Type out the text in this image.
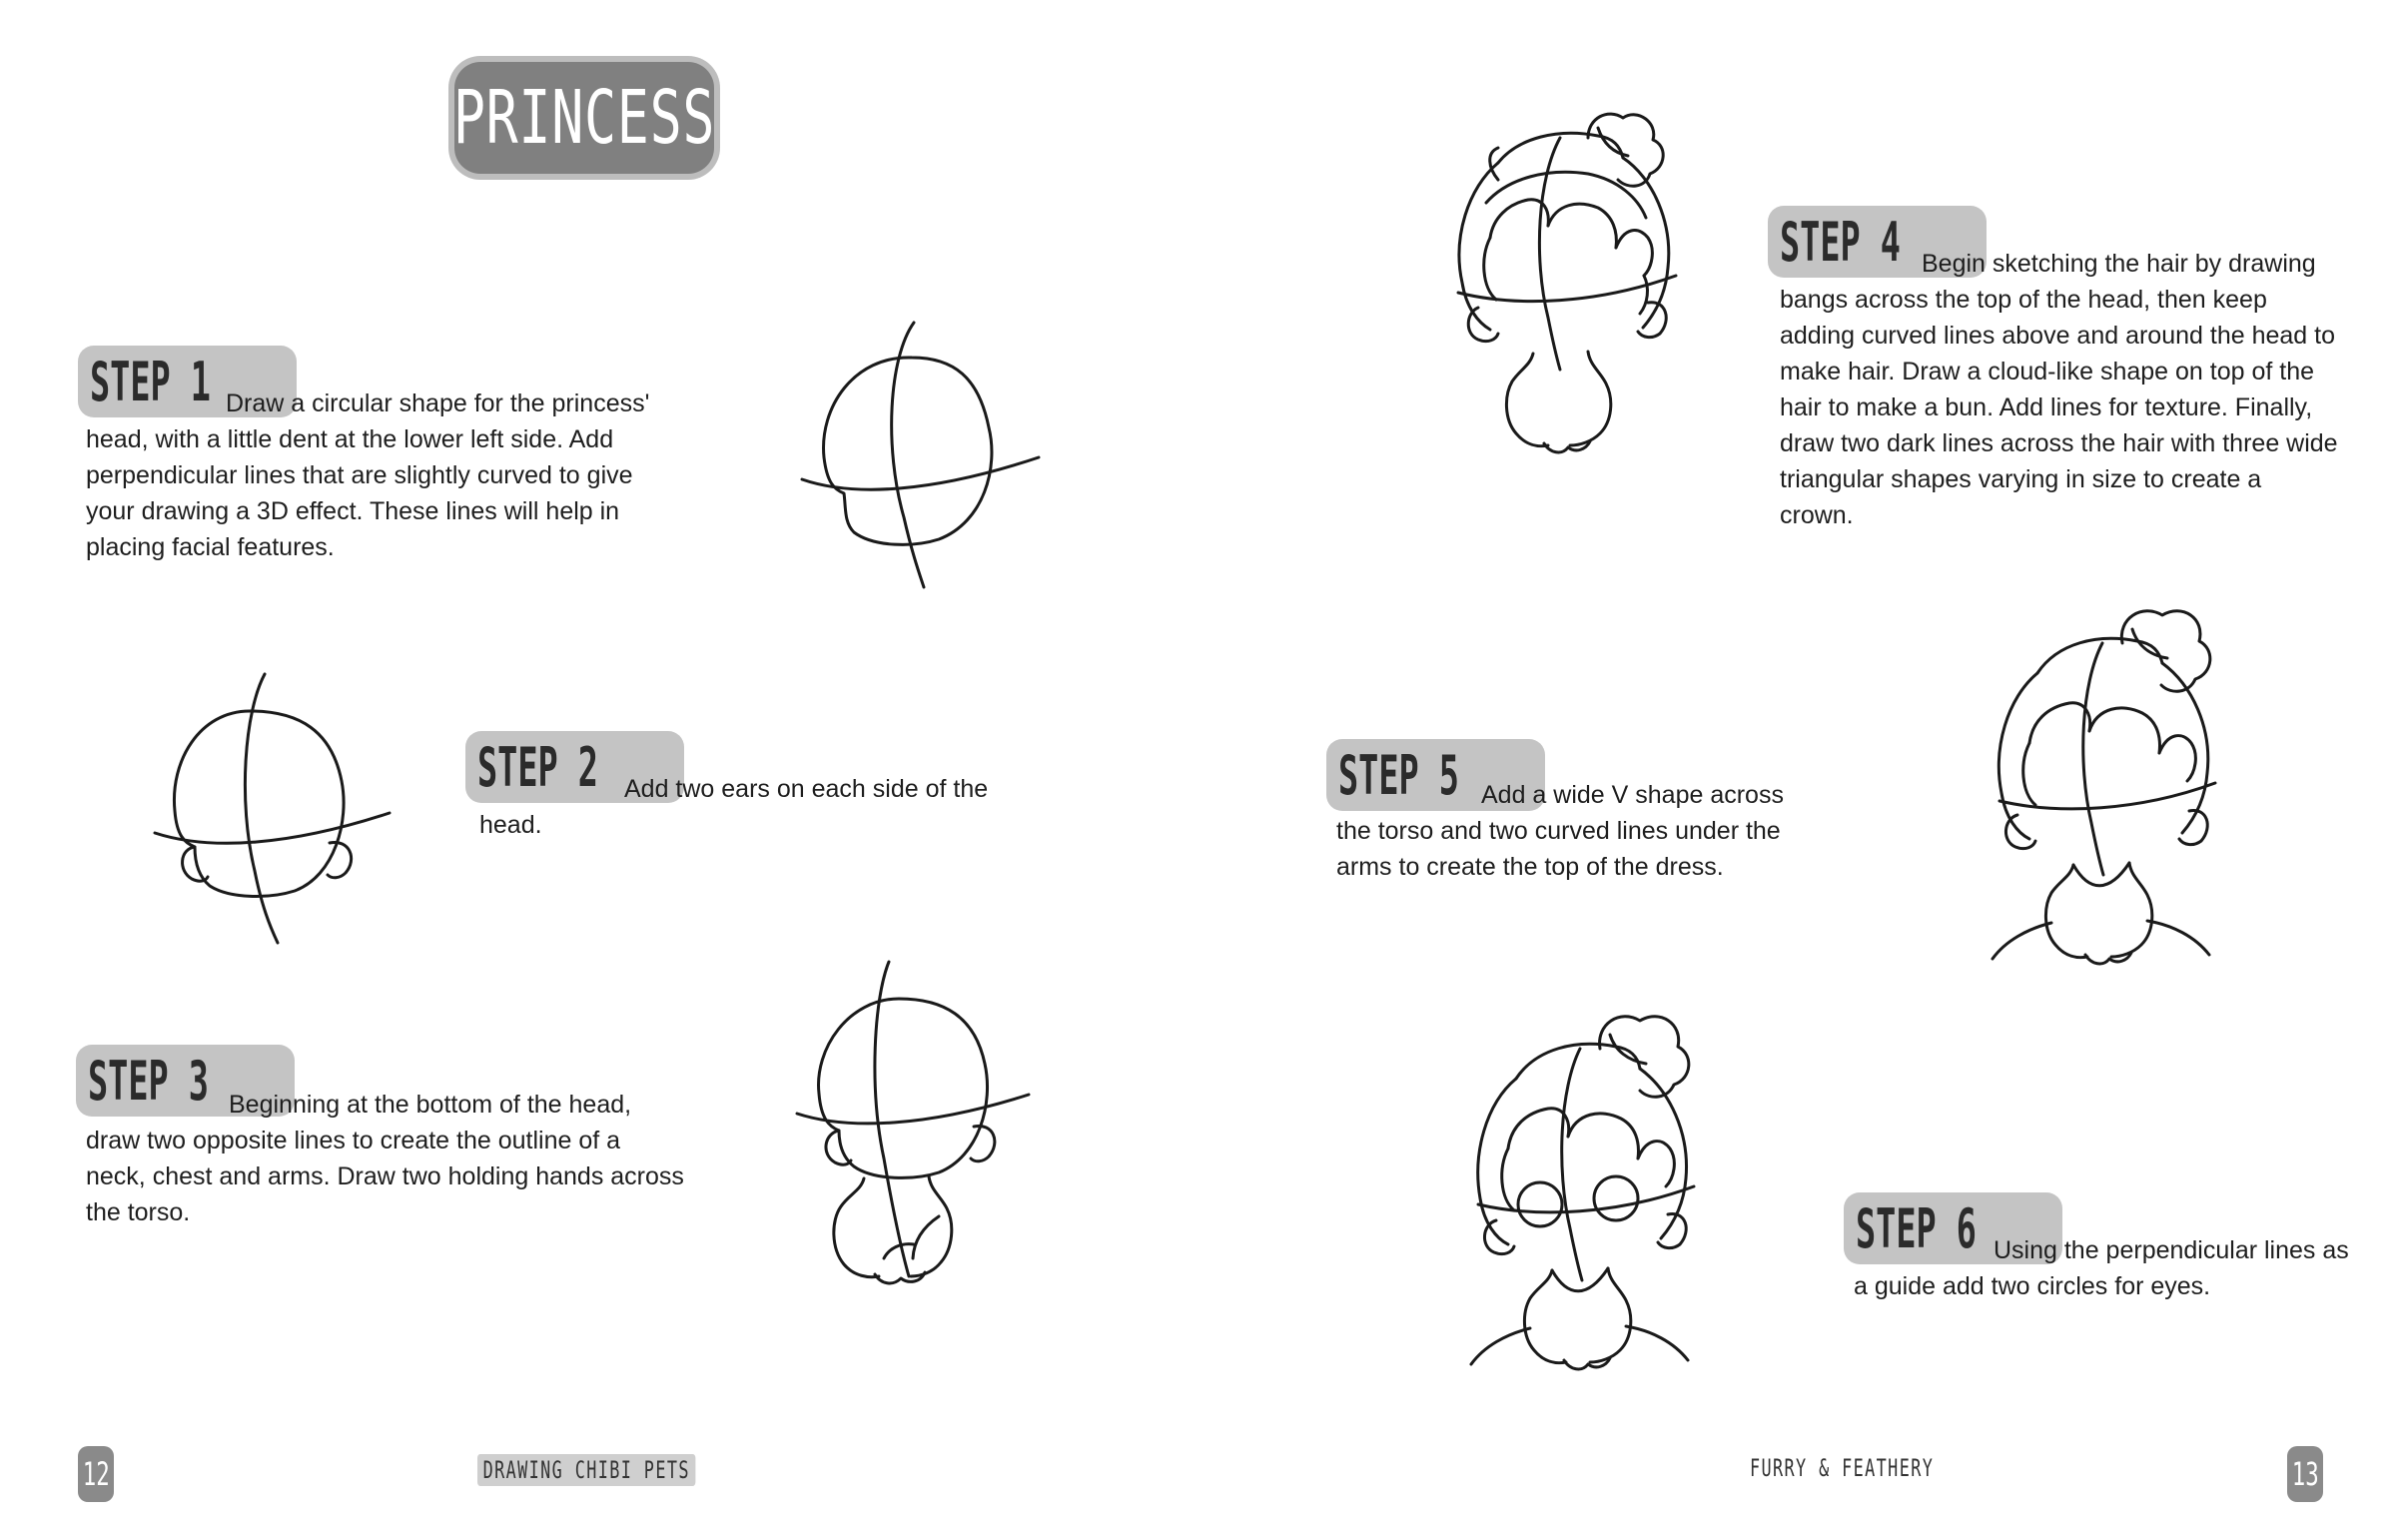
PRINCESS
STEP 1 Draw a circular shape for the princess' head, with a little dent at the lower left side. Add perpendicular lines that are slightly curved to give your drawing a 3D effect. These lines will help in placing facial features.
STEP 2	Add two ears on each side of the head.
STEP 3 Beginning at the bottom of the head, draw two opposite lines to create the outline of a neck, chest and arms. Draw two holding hands across the torso.
STEP 4 Begin sketching the hair by drawing bangs across the top of the head, then keep adding curved lines above and around the head to make hair. Draw a cloud-like shape on top of the hair to make a bun. Add lines for texture. Finally, draw two dark lines across the hair with three wide triangular shapes varying in size to create a crown.
STEP 5 Add a wide V shape across the torso and two curved lines under the arms to create the top of the dress.
STEP 6 Using the perpendicular lines as a guide add two circles for eyes.
12	DRAWING CHIBI PETS	FURRY & FEATHERY	13
